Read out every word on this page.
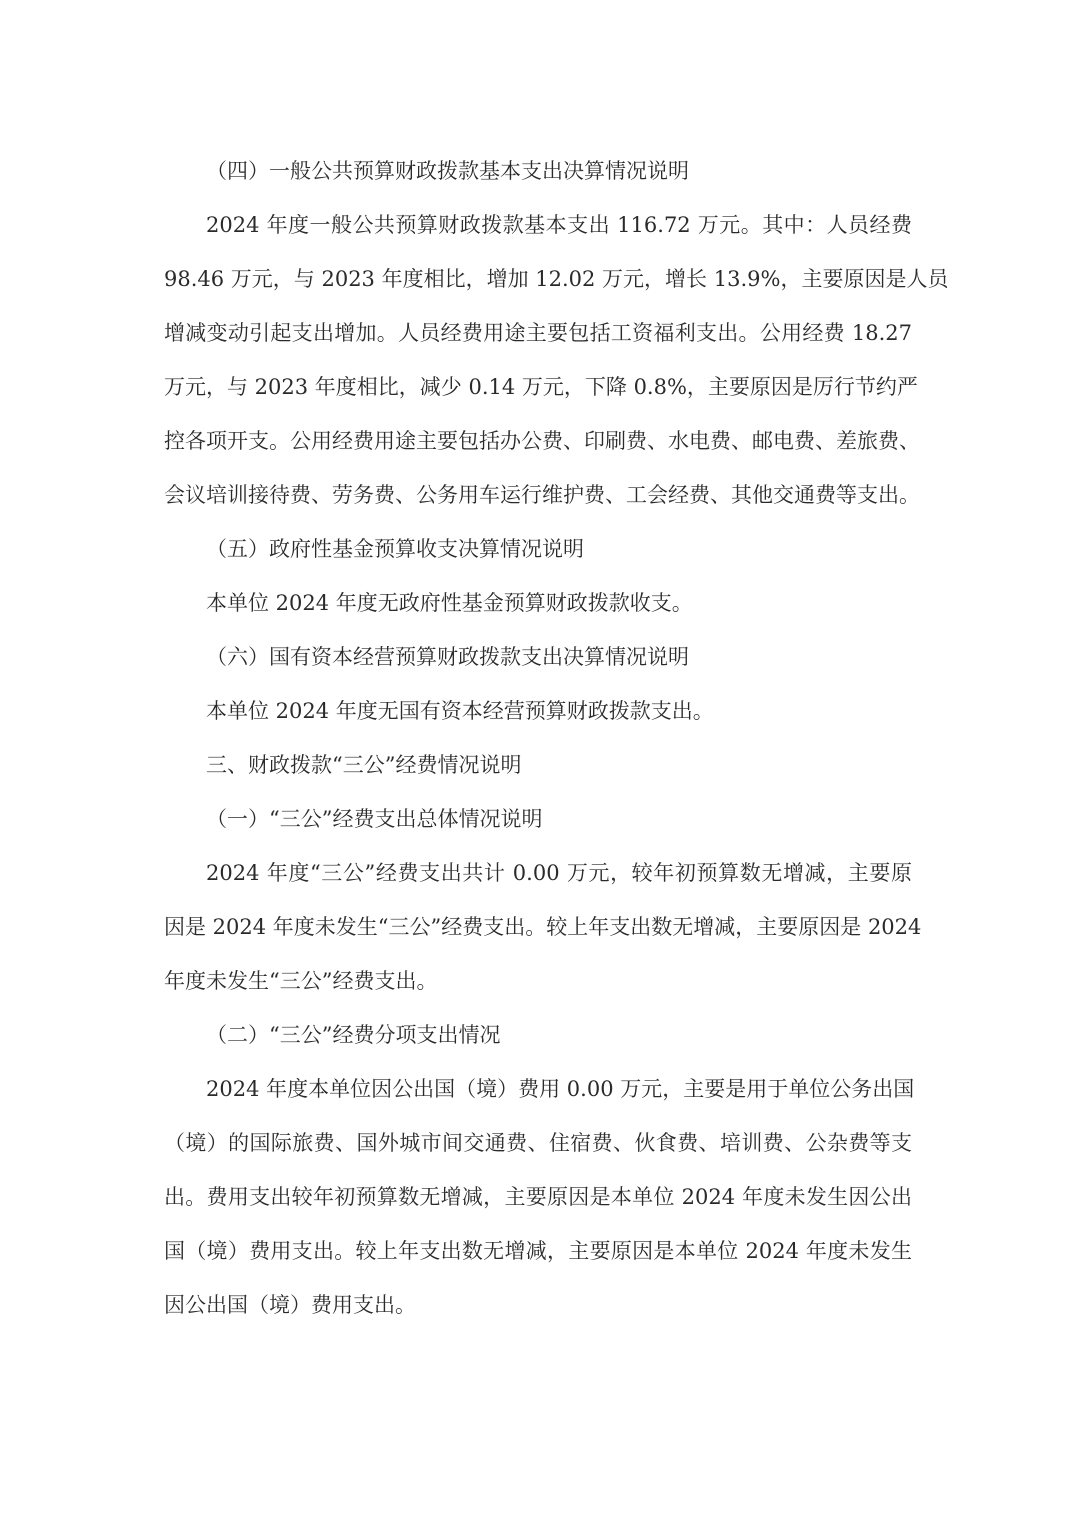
（四）一般公共预算财政拨款基本支出决算情况说明
2024 年度一般公共预算财政拨款基本支出 116.72 万元。其中：人员经费
98.46 万元，与 2023 年度相比，增加 12.02 万元，增长 13.9%，主要原因是人员
增减变动引起支出增加。人员经费用途主要包括工资福利支出。公用经费 18.27
万元，与 2023 年度相比，减少 0.14 万元，下降 0.8%，主要原因是厉行节约严
控各项开支。公用经费用途主要包括办公费、印刷费、水电费、邮电费、差旅费、
会议培训接待费、劳务费、公务用车运行维护费、工会经费、其他交通费等支出。
（五）政府性基金预算收支决算情况说明
本单位 2024 年度无政府性基金预算财政拨款收支。
（六）国有资本经营预算财政拨款支出决算情况说明
本单位 2024 年度无国有资本经营预算财政拨款支出。
三、财政拨款“三公”经费情况说明
（一）“三公”经费支出总体情况说明
2024 年度“三公”经费支出共计 0.00 万元，较年初预算数无增减，主要原
因是 2024 年度未发生“三公”经费支出。较上年支出数无增减，主要原因是 2024
年度未发生“三公”经费支出。
（二）“三公”经费分项支出情况
2024 年度本单位因公出国（境）费用 0.00 万元，主要是用于单位公务出国
（境）的国际旅费、国外城市间交通费、住宿费、伙食费、培训费、公杂费等支
出。费用支出较年初预算数无增减，主要原因是本单位 2024 年度未发生因公出
国（境）费用支出。较上年支出数无增减，主要原因是本单位 2024 年度未发生
因公出国（境）费用支出。
